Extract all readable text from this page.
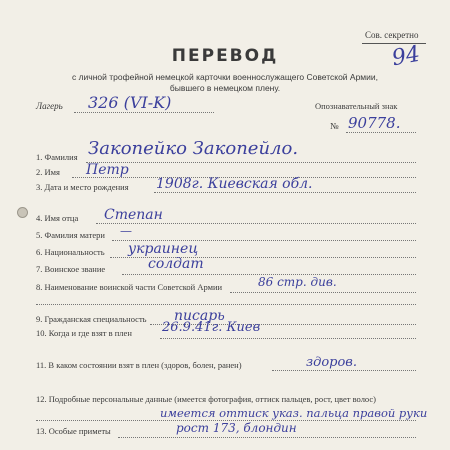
Сов. секретно
94
ПЕРЕВОД
с личной трофейной немецкой карточки военнослужащего Советской Армии,
бывшего в немецком плену.
Лагерь 326 (VI-K)	Опознавательный знак
№ 90778.
1. Фамилия Закопейко Закопейло.
2. Имя Петр
3. Дата и место рождения 1908г. Киевская обл.
4. Имя отца Степан
5. Фамилия матери —
6. Национальность украинец
7. Воинское звание	солдат
8. Наименование воинской части Советской Армии	86 стр. див.
9. Гражданская специальность писарь
10. Когда и где взят в плен 26.9.41г. Киев
11. В каком состоянии взят в плен (здоров, болен, ранен)	здоров.
12. Подробные персональные данные (имеется фотография, оттиск пальцев, рост, цвет волос)
имеется оттиск указ. пальца правой руки
13. Особые приметы	рост 173, блондин
